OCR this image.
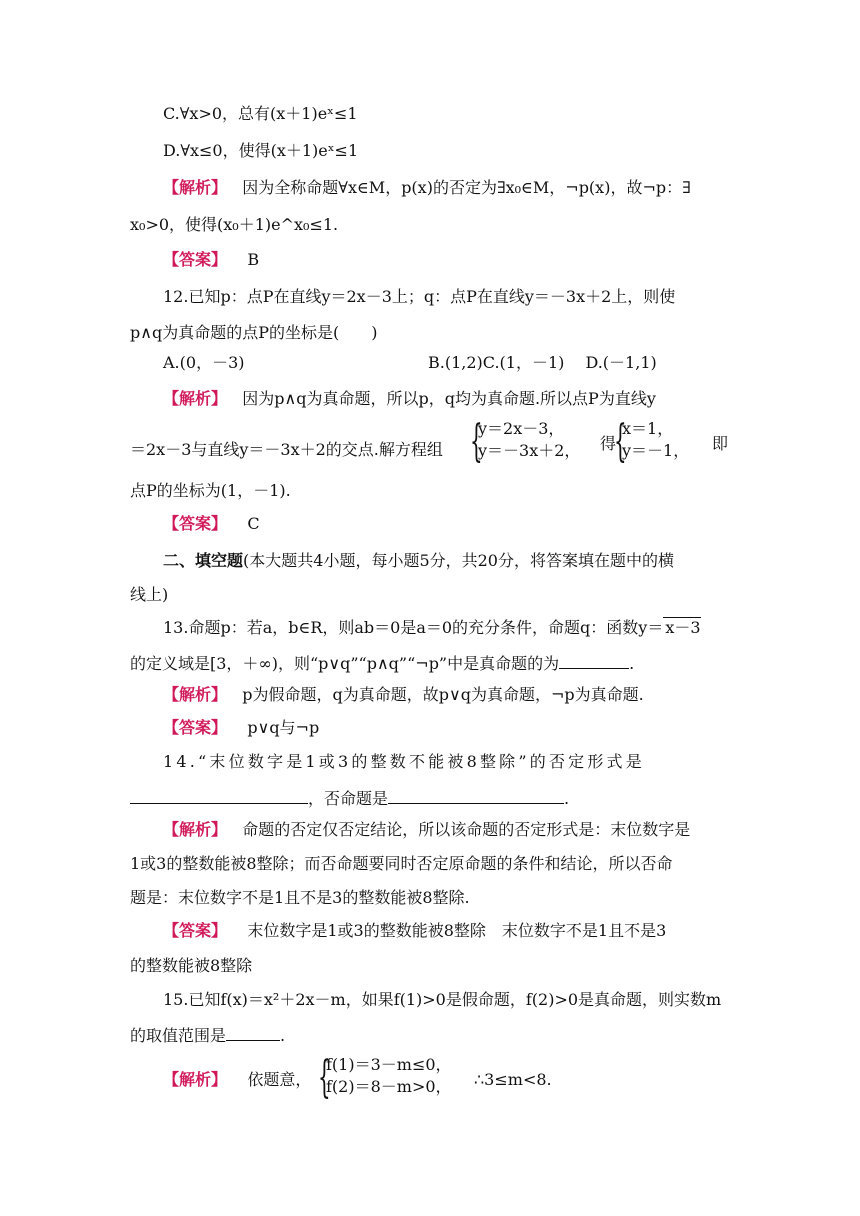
C.∀x>0，总有(x＋1)eˣ≤1
D.∀x≤0，使得(x＋1)eˣ≤1
【解析】 因为全称命题∀x∈M，p(x)的否定为∃x₀∈M，¬p(x)，故¬p：∃
x₀>0，使得(x₀＋1)e^x₀≤1.
【答案】 B
12.已知p：点P在直线y＝2x－3上；q：点P在直线y＝－3x＋2上，则使
p∧q为真命题的点P的坐标是(　　)
A.(0，－3)	B.(1,2)C.(1，－1)　 D.(－1,1)
【解析】 因为p∧q为真命题，所以p，q均为真命题.所以点P为直线y
＝2x－3与直线y＝－3x＋2的交点.解方程组 {
y＝2x－3，
y＝－3x＋2， 得
{
x＝1，
y＝－1， 即
点P的坐标为(1，－1).
【答案】 C
二、填空题(本大题共4小题，每小题5分，共20分，将答案填在题中的横
线上)
13.命题p：若a，b∈R，则ab＝0是a＝0的充分条件，命题q：函数y＝ x－3
的定义域是[3，＋∞)，则“p∨q”“p∧q”“¬p”中是真命题的为	.
【解析】 p为假命题，q为真命题，故p∨q为真命题，¬p为真命题.
【答案】 p∨q与¬p
14.“末位数字是1或3的整数不能被8整除”的否定形式是
，否命题是	.
【解析】 命题的否定仅否定结论，所以该命题的否定形式是：末位数字是
1或3的整数能被8整除；而否命题要同时否定原命题的条件和结论，所以否命
题是：末位数字不是1且不是3的整数能被8整除.
【答案】 末位数字是1或3的整数能被8整除　末位数字不是1且不是3
的整数能被8整除
15.已知f(x)＝x²＋2x－m，如果f(1)>0是假命题，f(2)>0是真命题，则实数m
的取值范围是	.
【解析】 依题意， {
f(1)＝3－m≤0，
f(2)＝8－m>0， ∴3≤m<8.
